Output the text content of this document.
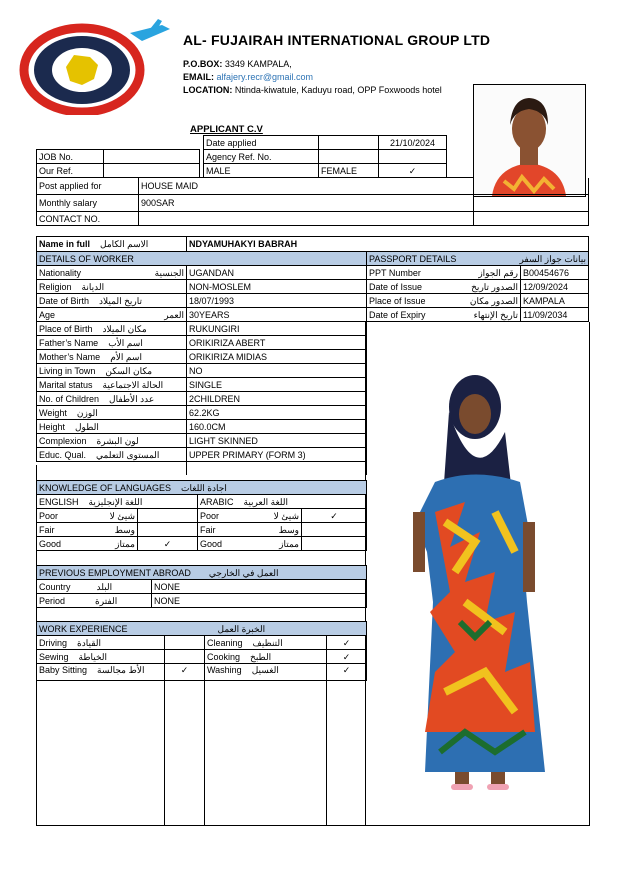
AL- FUJAIRAH INTERNATIONAL GROUP LTD
P.O.BOX: 3349 KAMPALA,
EMAIL: alfajery.recr@gmail.com
LOCATION: Ntinda-kiwatule, Kaduyu road, OPP Foxwoods hotel
APPLICANT C.V
			Date applied		21/10/2024
JOB No.			Agency Ref. No.		
Our Ref.			MALE	FEMALE	✓
Post applied for	HOUSE MAID	
Monthly salary	900SAR	
CONTACT NO.		
Name in full الاسم الكامل	NDYAMUHAKYI BABRAH
DETAILS OF WORKER	
Nationality الجنسية	UGANDAN
Religion الديانة	NON-MOSLEM
Date of Birth تاريخ الميلاد	18/07/1993
Age العمر	30YEARS
Place of Birth مكان الميلاد	RUKUNGIRI
Father’s Name اسم الأب	ORIKIRIZA ABERT
Mother’s Name اسم الأم	ORIKIRIZA MIDIAS
Living in Town مكان السكن	NO
Marital status الحالة الاجتماعية	SINGLE
No. of Children عدد الأطفال	2CHILDREN
Weight الوزن	62.2KG
Height الطول	160.0CM
Complexion لون البشرة	LIGHT SKINNED
Educ. Qual. المستوى التعلمي	UPPER PRIMARY (FORM 3)

PASSPORT DETAILS بيانات جواز السفر	

PPT Number رقم الجواز	B00454676
Date of Issue الصدور تاريخ	12/09/2024
Place of Issue الصدور مكان	KAMPALA
Date of Expiry تاريخ الإنتهاء	11/09/2034
KNOWLEDGE OF LANGUAGES اجادة اللغات			
ENGLISH اللغة الإنجليزية		ARABIC اللغة العربية	
Poor شيئ لا		Poor شيئ لا	✓
Fair وسط		Fair وسط	

Good ممتاز	✓	Good ممتاز	

PREVIOUS EMPLOYMENT ABROAD العمل في الخارجي	
Country البلد	NONE
Period الفترة	NONE
WORK EXPERIENCE الخبرة العمل			
Driving القيادة		Cleaning التنظيف	✓
Sewing الخياطة		Cooking الطبخ	✓
Baby Sitting الأط مجالسة	✓	Washing الغسيل	✓
